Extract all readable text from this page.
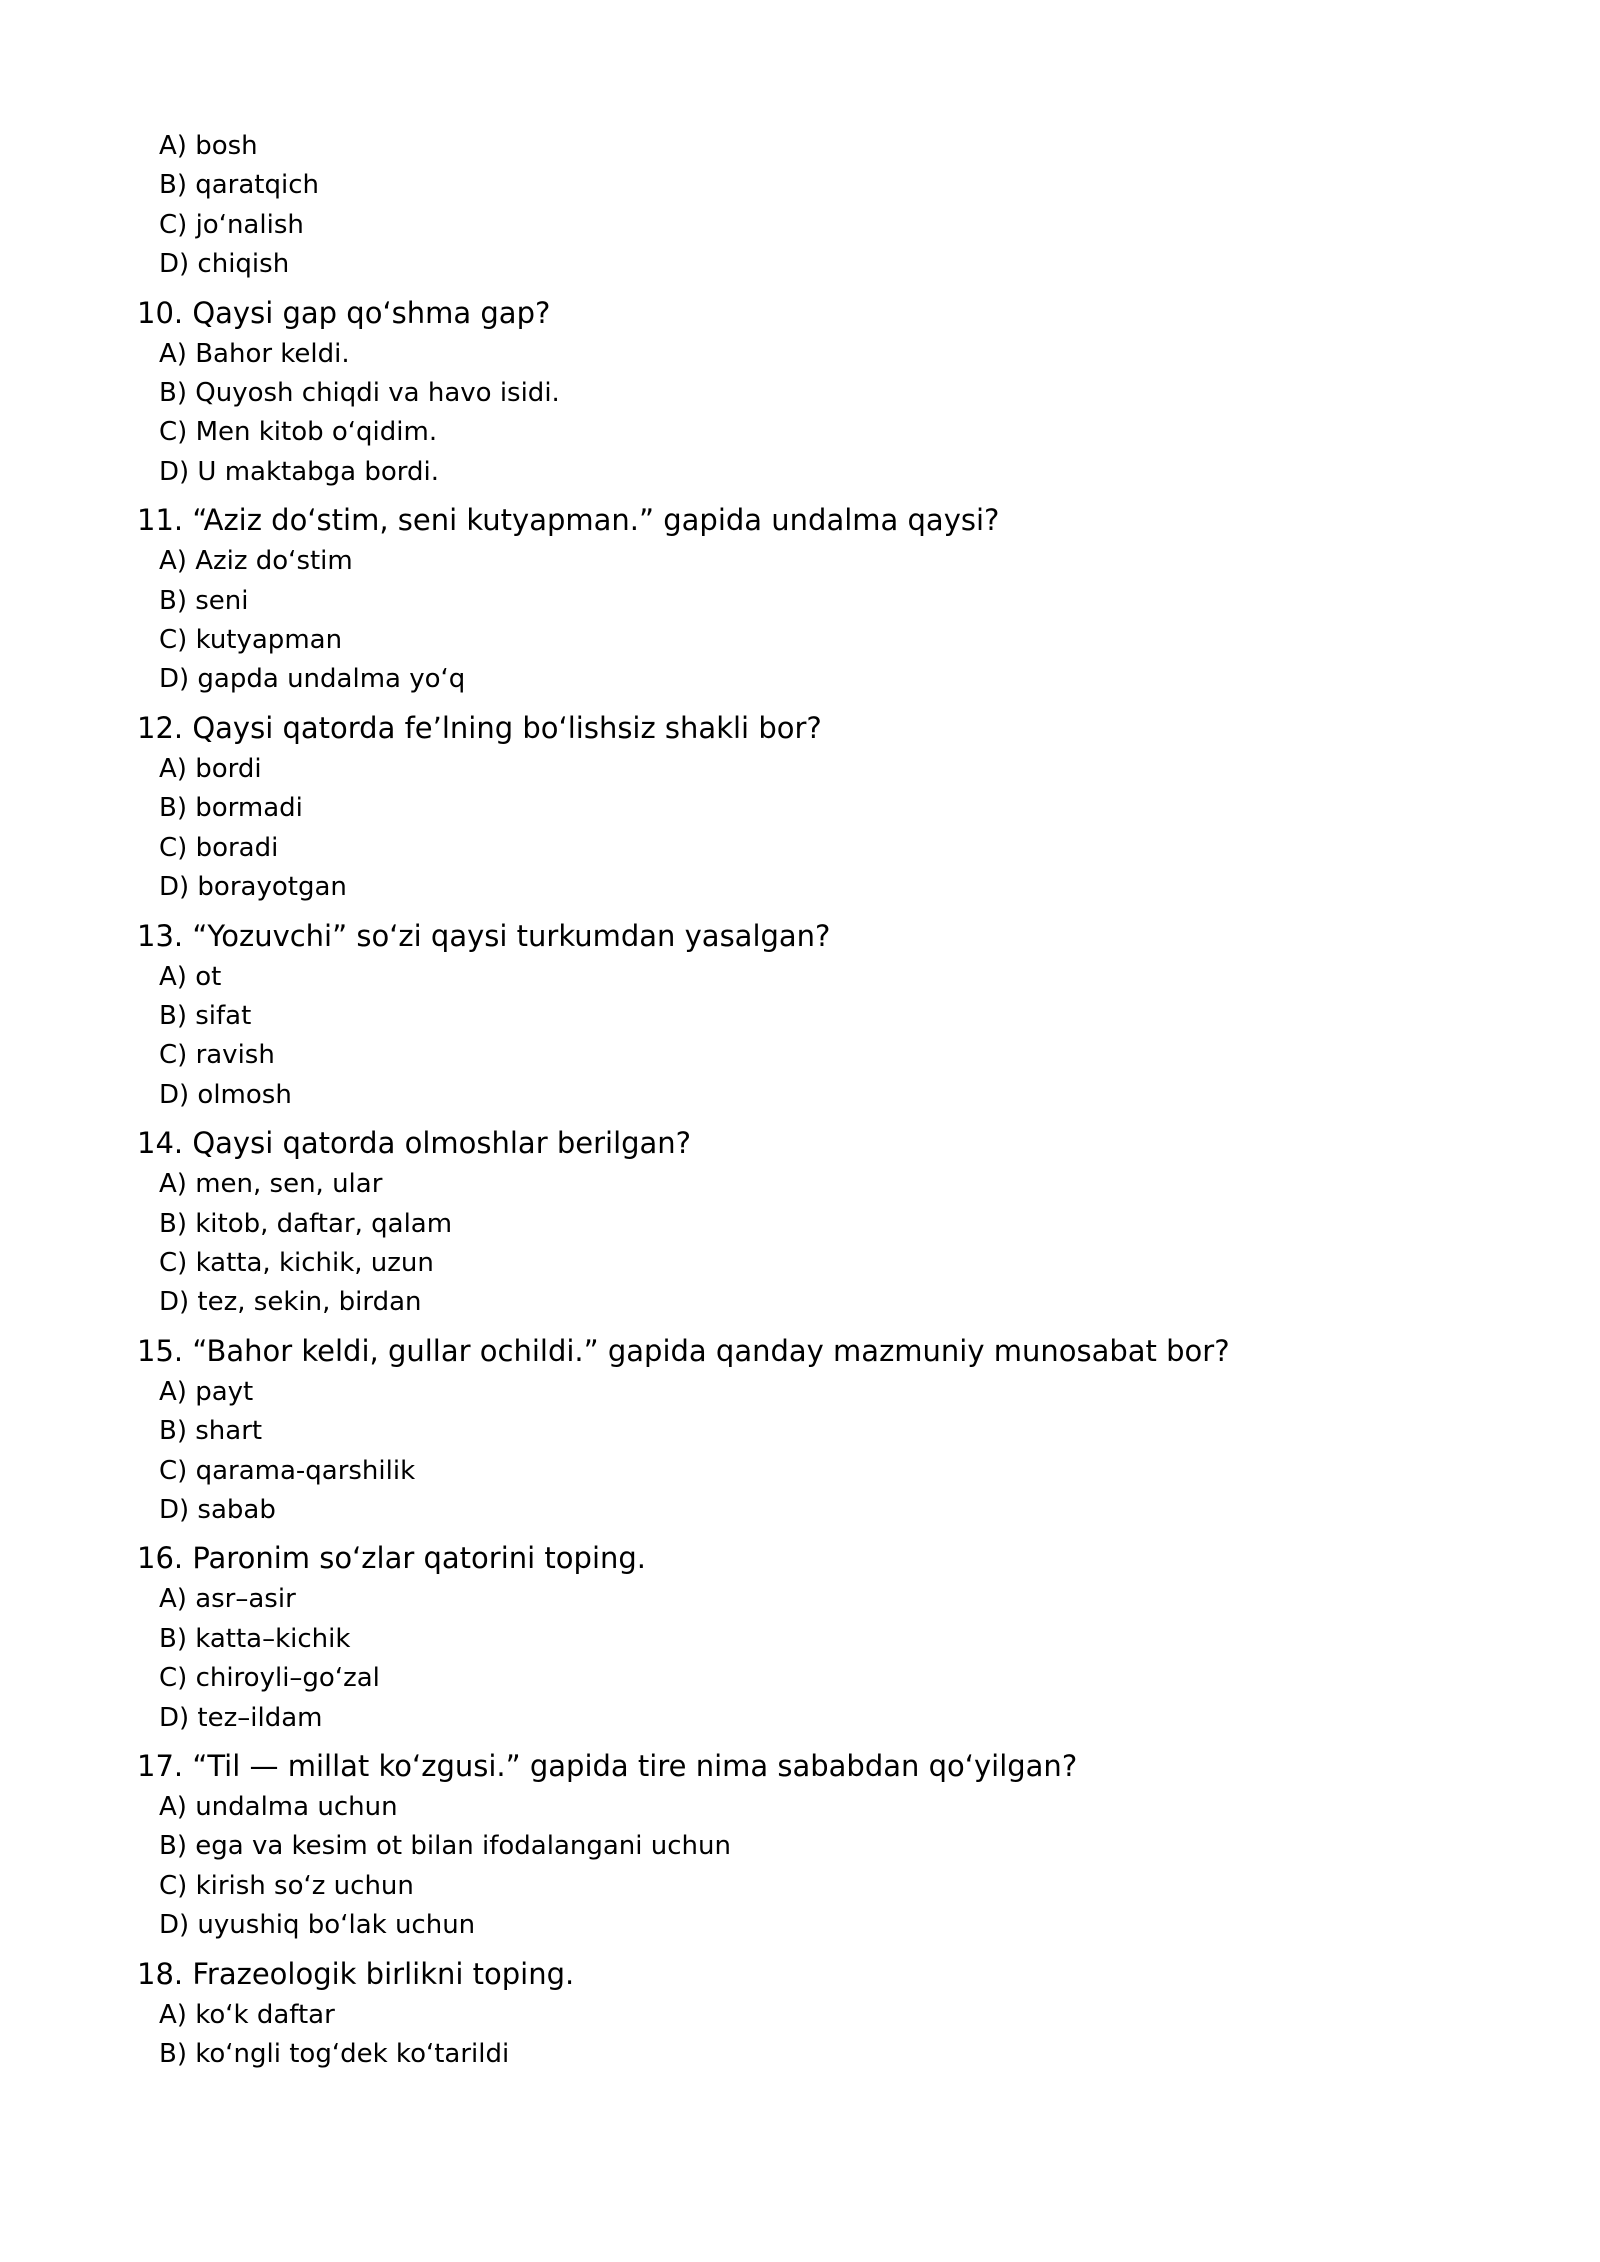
A) bosh
B) qaratqich
C) jo‘nalish
D) chiqish

10. Qaysi gap qo‘shma gap?

A) Bahor keldi.
B) Quyosh chiqdi va havo isidi.
C) Men kitob o‘qidim.
D) U maktabga bordi.

11. “Aziz do‘stim, seni kutyapman.” gapida undalma qaysi?

A) Aziz do‘stim
B) seni
C) kutyapman
D) gapda undalma yo‘q

12. Qaysi qatorda fe’lning bo‘lishsiz shakli bor?

A) bordi
B) bormadi
C) boradi
D) borayotgan

13. “Yozuvchi” so‘zi qaysi turkumdan yasalgan?

A) ot
B) sifat
C) ravish
D) olmosh

14. Qaysi qatorda olmoshlar berilgan?

A) men, sen, ular
B) kitob, daftar, qalam
C) katta, kichik, uzun
D) tez, sekin, birdan

15. “Bahor keldi, gullar ochildi.” gapida qanday mazmuniy munosabat bor?

A) payt
B) shart
C) qarama-qarshilik
D) sabab

16. Paronim so‘zlar qatorini toping.

A) asr–asir
B) katta–kichik
C) chiroyli–go‘zal
D) tez–ildam

17. “Til — millat ko‘zgusi.” gapida tire nima sababdan qo‘yilgan?

A) undalma uchun
B) ega va kesim ot bilan ifodalangani uchun
C) kirish so‘z uchun
D) uyushiq bo‘lak uchun

18. Frazeologik birlikni toping.

A) ko‘k daftar
B) ko‘ngli tog‘dek ko‘tarildi
